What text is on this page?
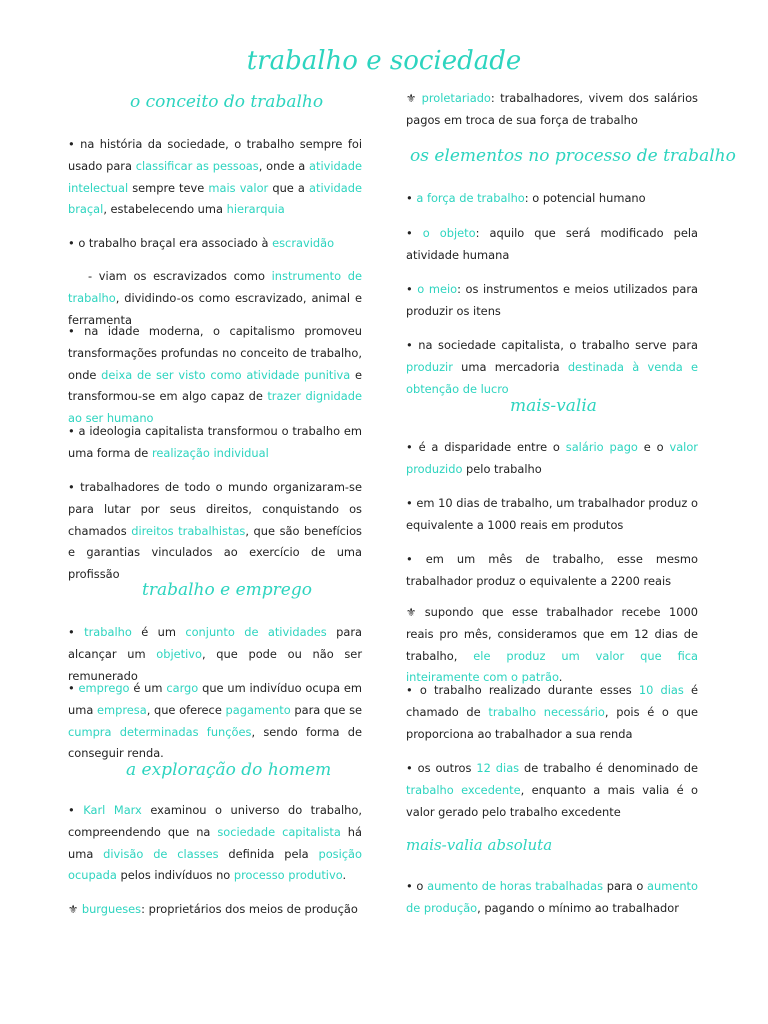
trabalho e sociedade
o conceito do trabalho
• na história da sociedade, o trabalho sempre foi usado para classificar as pessoas, onde a atividade intelectual sempre teve mais valor que a atividade braçal, estabelecendo uma hierarquia
• o trabalho braçal era associado à escravidão
- viam os escravizados como instrumento de trabalho, dividindo-os como escravizado, animal e ferramenta
• na idade moderna, o capitalismo promoveu transformações profundas no conceito de trabalho, onde deixa de ser visto como atividade punitiva e transformou-se em algo capaz de trazer dignidade ao ser humano
• a ideologia capitalista transformou o trabalho em uma forma de realização individual
• trabalhadores de todo o mundo organizaram-se para lutar por seus direitos, conquistando os chamados direitos trabalhistas, que são benefícios e garantias vinculados ao exercício de uma profissão
trabalho e emprego
• trabalho é um conjunto de atividades para alcançar um objetivo, que pode ou não ser remunerado
• emprego é um cargo que um indivíduo ocupa em uma empresa, que oferece pagamento para que se cumpra determinadas funções, sendo forma de conseguir renda.
a exploração do homem
• Karl Marx examinou o universo do trabalho, compreendendo que na sociedade capitalista há uma divisão de classes definida pela posição ocupada pelos indivíduos no processo produtivo.
⚜ burgueses: proprietários dos meios de produção
⚜ proletariado: trabalhadores, vivem dos salários pagos em troca de sua força de trabalho
os elementos no processo de trabalho
• a força de trabalho: o potencial humano
• o objeto: aquilo que será modificado pela atividade humana
• o meio: os instrumentos e meios utilizados para produzir os itens
• na sociedade capitalista, o trabalho serve para produzir uma mercadoria destinada à venda e obtenção de lucro
mais-valia
• é a disparidade entre o salário pago e o valor produzido pelo trabalho
• em 10 dias de trabalho, um trabalhador produz o equivalente a 1000 reais em produtos
• em um mês de trabalho, esse mesmo trabalhador produz o equivalente a 2200 reais
⚜ supondo que esse trabalhador recebe 1000 reais pro mês, consideramos que em 12 dias de trabalho, ele produz um valor que fica inteiramente com o patrão.
• o trabalho realizado durante esses 10 dias é chamado de trabalho necessário, pois é o que proporciona ao trabalhador a sua renda
• os outros 12 dias de trabalho é denominado de trabalho excedente, enquanto a mais valia é o valor gerado pelo trabalho excedente
mais-valia absoluta
• o aumento de horas trabalhadas para o aumento de produção, pagando o mínimo ao trabalhador
